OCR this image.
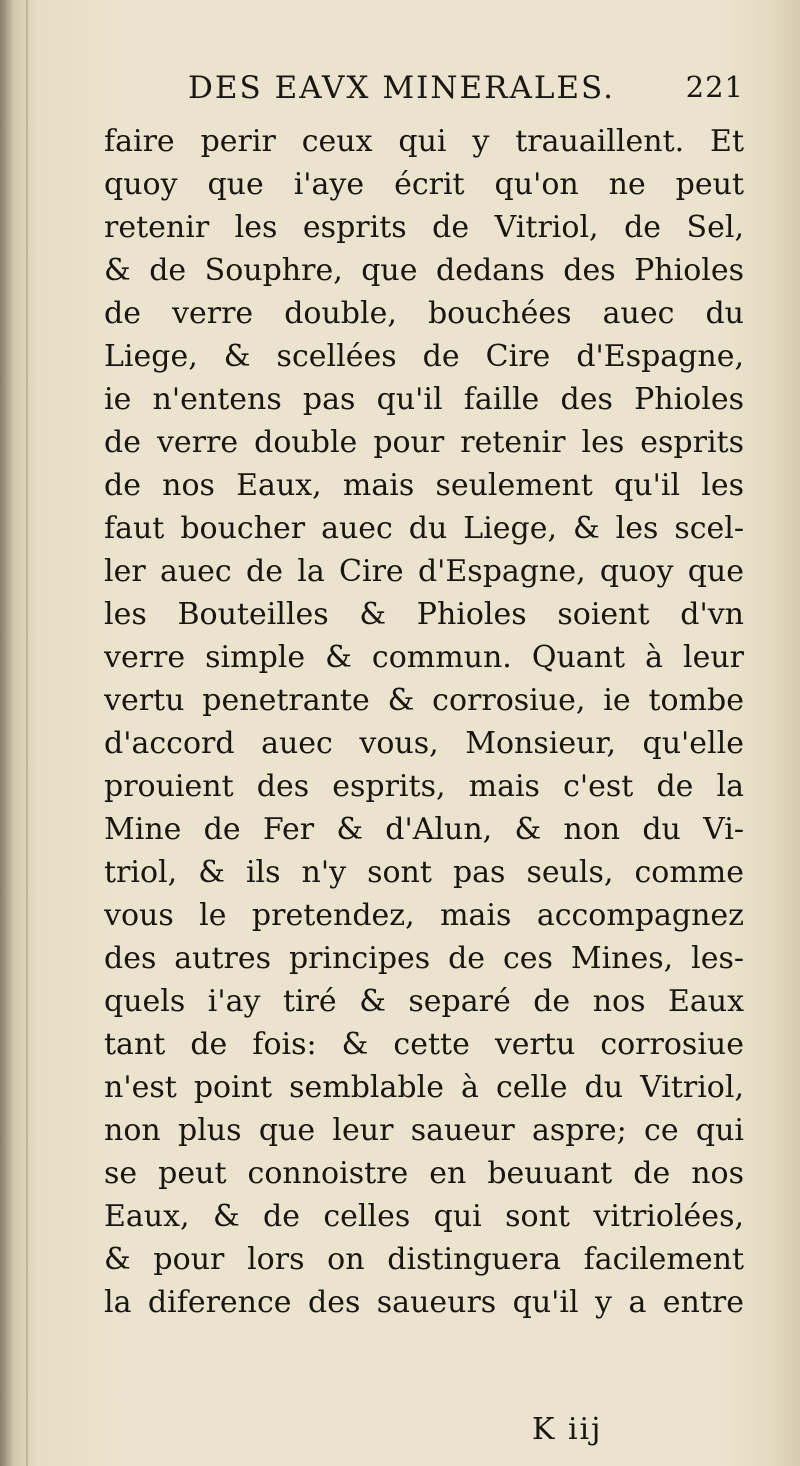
DES EAVX MINERALES. 221
faire perir ceux qui y trauaillent. Et
quoy que i'aye écrit qu'on ne peut
retenir les esprits de Vitriol, de Sel,
& de Souphre, que dedans des Phioles
de verre double, bouchées auec du
Liege, & scellées de Cire d'Espagne,
ie n'entens pas qu'il faille des Phioles
de verre double pour retenir les esprits
de nos Eaux, mais seulement qu'il les
faut boucher auec du Liege, & les scel-
ler auec de la Cire d'Espagne, quoy que
les Bouteilles & Phioles soient d'vn
verre simple & commun. Quant à leur
vertu penetrante & corrosiue, ie tombe
d'accord auec vous, Monsieur, qu'elle
prouient des esprits, mais c'est de la
Mine de Fer & d'Alun, & non du Vi-
triol, & ils n'y sont pas seuls, comme
vous le pretendez, mais accompagnez
des autres principes de ces Mines, les-
quels i'ay tiré & separé de nos Eaux
tant de fois: & cette vertu corrosiue
n'est point semblable à celle du Vitriol,
non plus que leur saueur aspre; ce qui
se peut connoistre en beuuant de nos
Eaux, & de celles qui sont vitriolées,
& pour lors on distinguera facilement
la diference des saueurs qu'il y a entre
K iij
